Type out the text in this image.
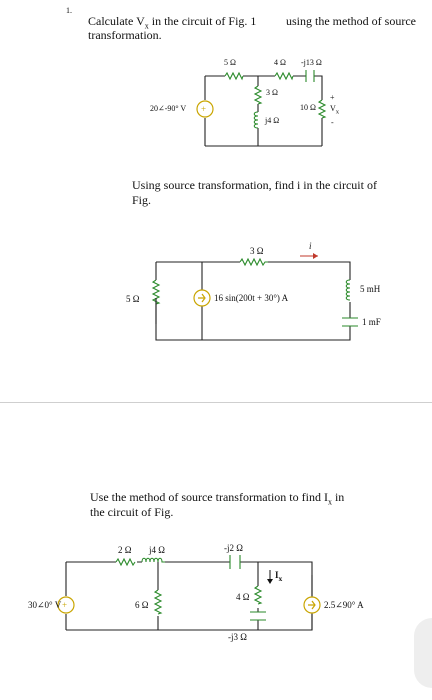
1.
Calculate $V_x$ in the circuit of Fig. 1 using the method of source
transformation.
+
+
5 Ω	4 Ω -j13 Ω
3 Ω
j4 Ω
10 Ω
20∠-90° V
+
$V_x$
-
Using source transformation, find i in the circuit of
Fig.
3 Ω	i
5 Ω	16 sin(200t + 30°) A
5 mH
1 mF
Use the method of source transformation to find $I_x$ in
the circuit of Fig.
2 Ω j4 Ω	-j2 Ω
30∠0° V	6 Ω
4 Ω
$I_x$
-j3 Ω
2.5∠90° A
